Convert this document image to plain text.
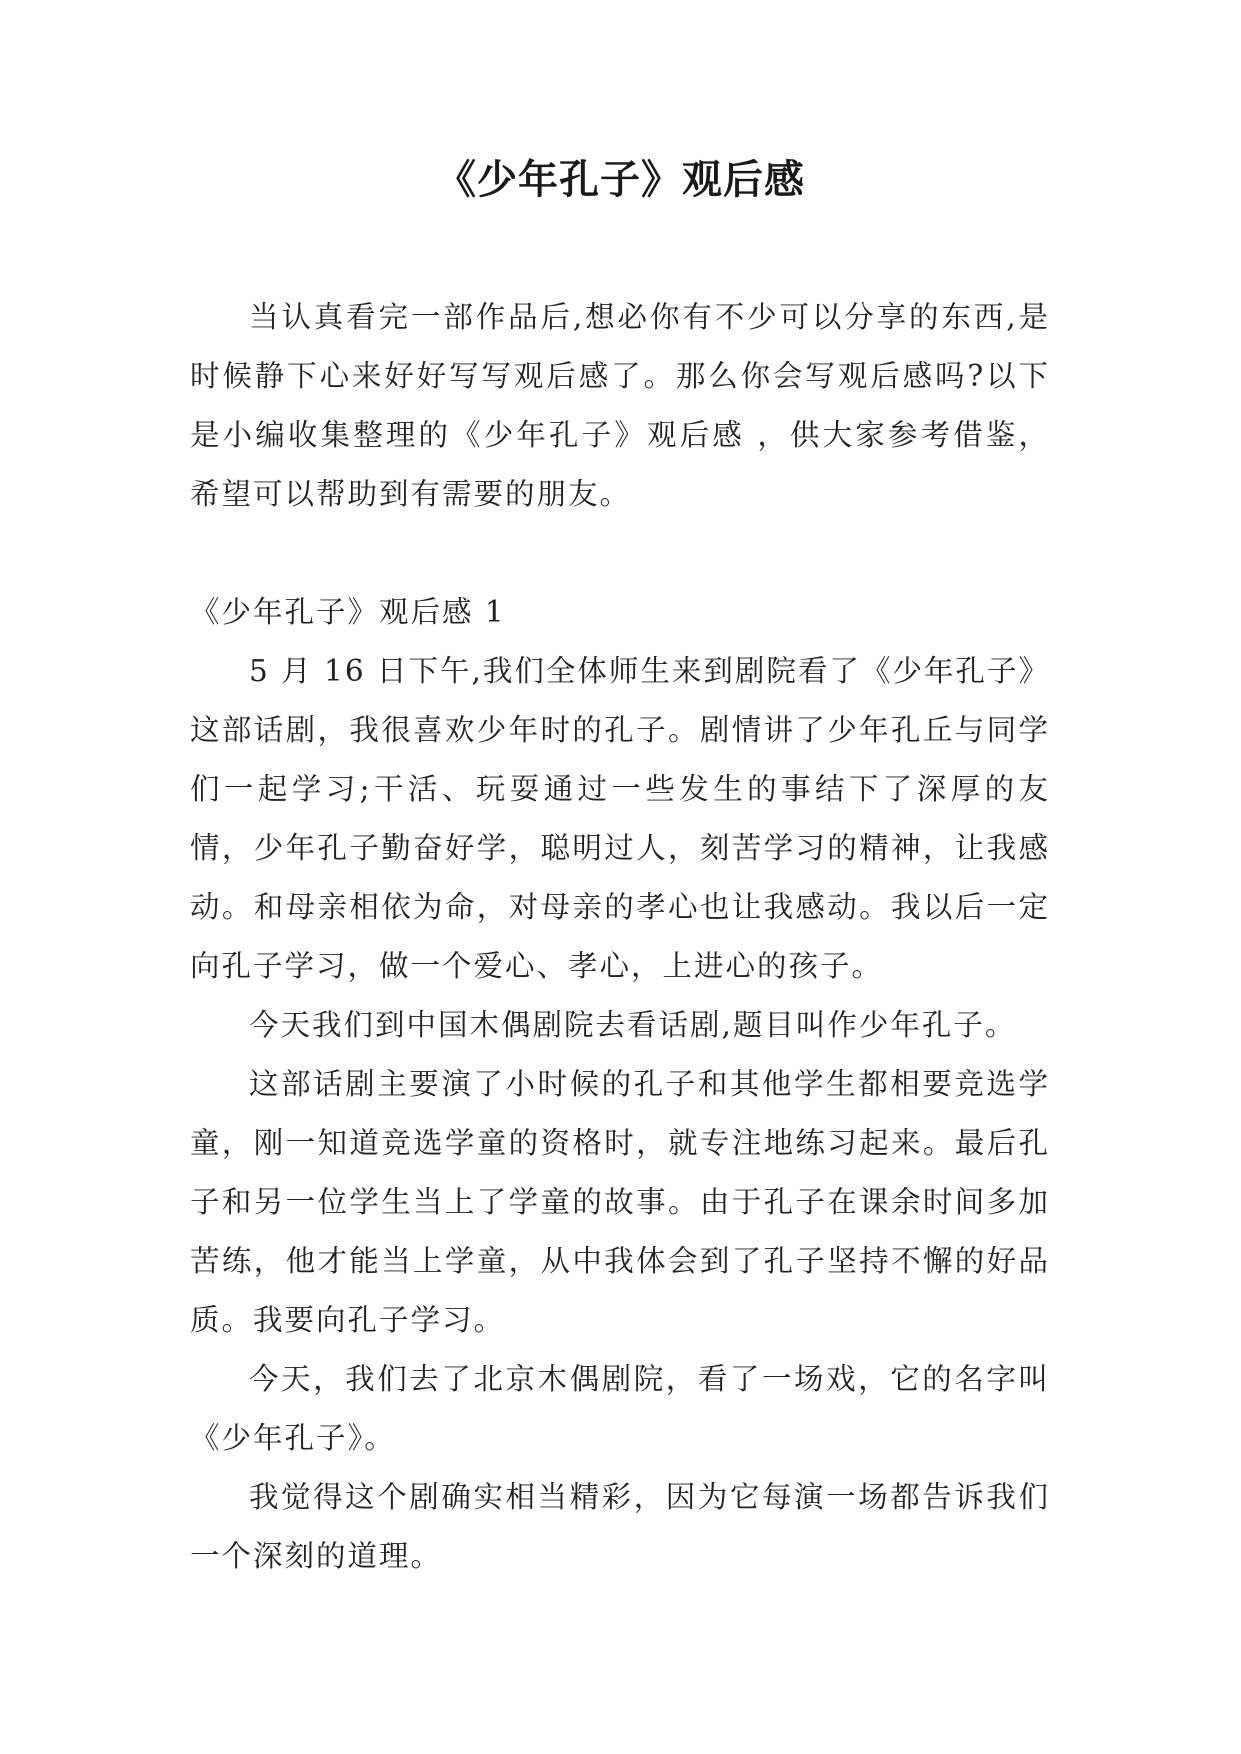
《少年孔子》观后感

当认真看完一部作品后,想必你有不少可以分享的东西,是时候静下心来好好写写观后感了。那么你会写观后感吗?以下是小编收集整理的《少年孔子》观后感 ，供大家参考借鉴，希望可以帮助到有需要的朋友。

《少年孔子》观后感 1

5 月 16 日下午,我们全体师生来到剧院看了《少年孔子》这部话剧，我很喜欢少年时的孔子。剧情讲了少年孔丘与同学们一起学习;干活、玩耍通过一些发生的事结下了深厚的友情，少年孔子勤奋好学，聪明过人，刻苦学习的精神，让我感动。和母亲相依为命，对母亲的孝心也让我感动。我以后一定向孔子学习，做一个爱心、孝心，上进心的孩子。

今天我们到中国木偶剧院去看话剧,题目叫作少年孔子。

这部话剧主要演了小时候的孔子和其他学生都相要竞选学童，刚一知道竞选学童的资格时，就专注地练习起来。最后孔子和另一位学生当上了学童的故事。由于孔子在课余时间多加苦练，他才能当上学童，从中我体会到了孔子坚持不懈的好品质。我要向孔子学习。

今天，我们去了北京木偶剧院，看了一场戏，它的名字叫《少年孔子》。

我觉得这个剧确实相当精彩，因为它每演一场都告诉我们一个深刻的道理。
